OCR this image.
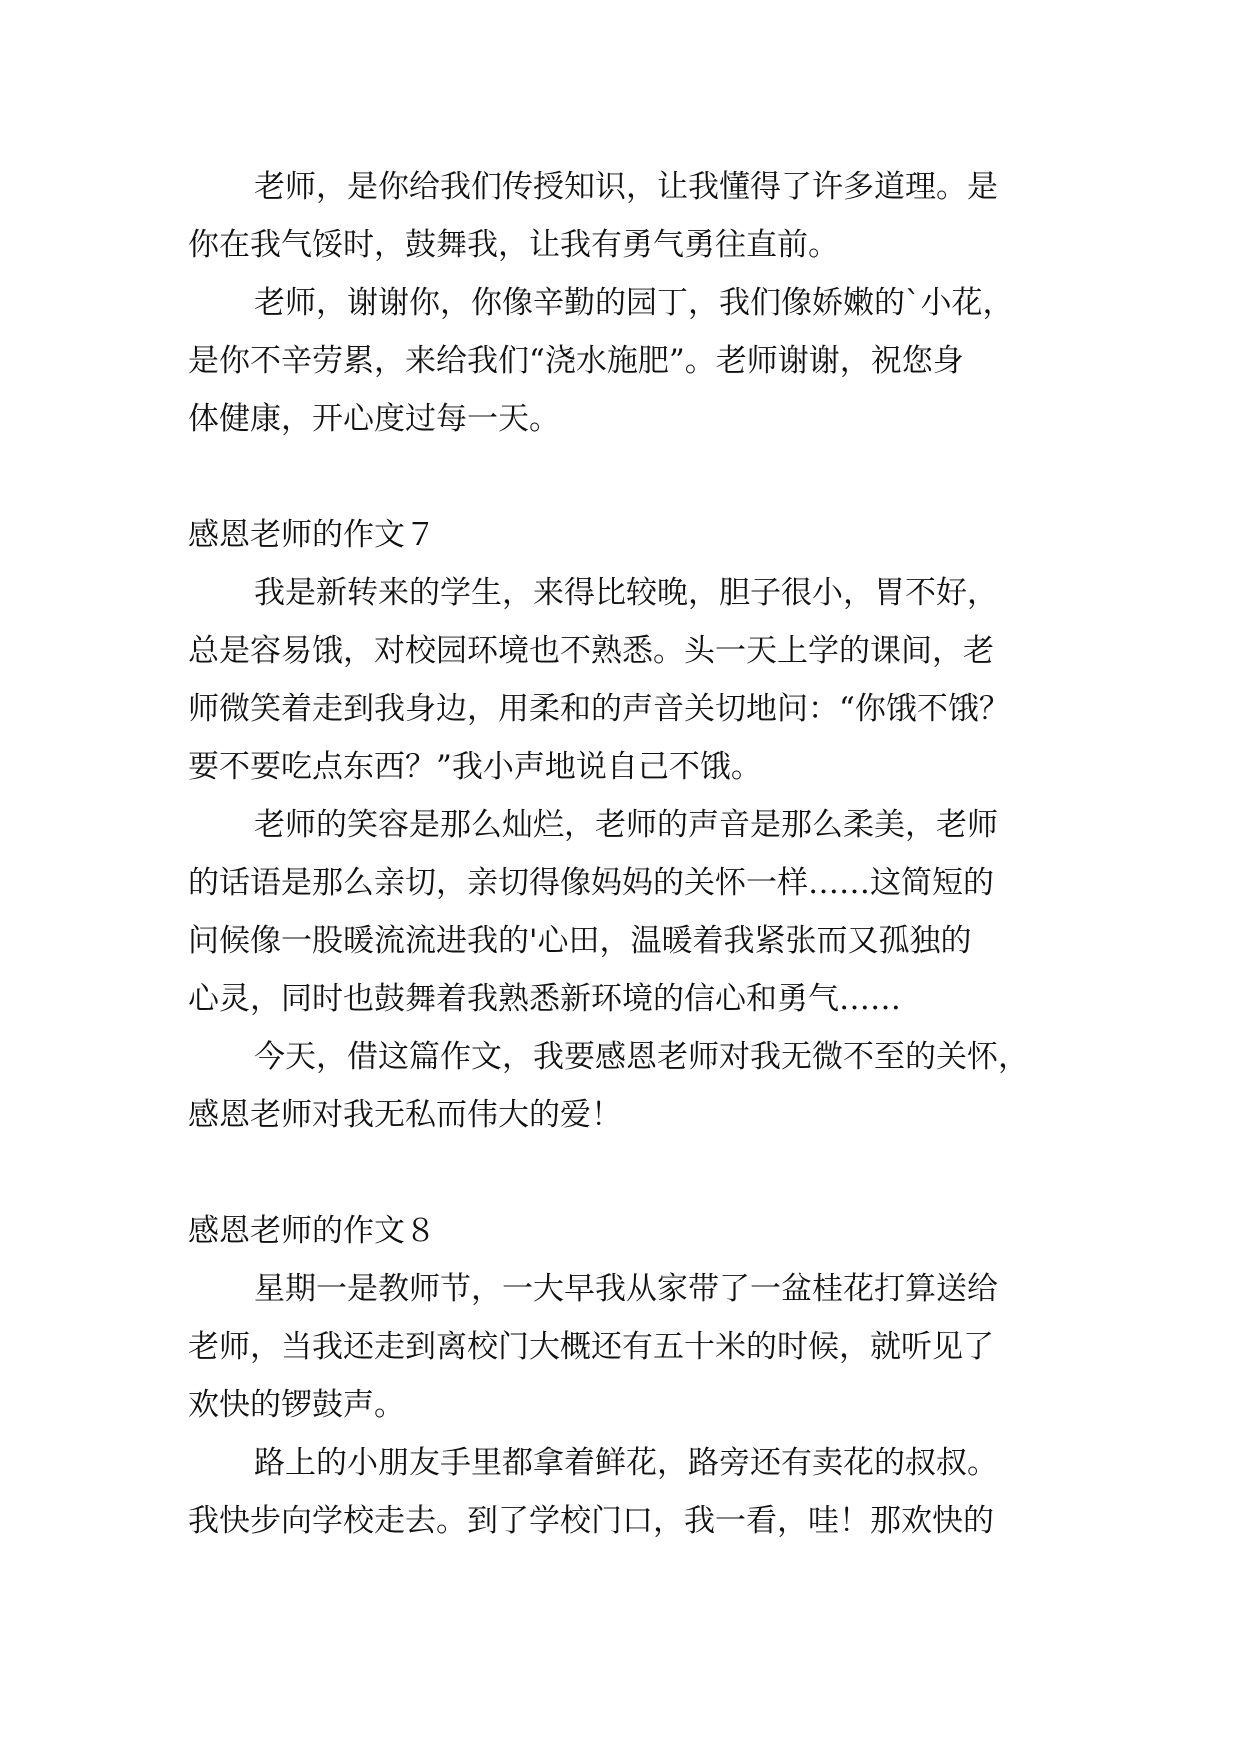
老师，是你给我们传授知识，让我懂得了许多道理。是
你在我气馁时，鼓舞我，让我有勇气勇往直前。
老师，谢谢你，你像辛勤的园丁，我们像娇嫩的`小花，
是你不辛劳累，来给我们“浇水施肥”。老师谢谢，祝您身
体健康，开心度过每一天。
感恩老师的作文７
我是新转来的学生，来得比较晚，胆子很小，胃不好，
总是容易饿，对校园环境也不熟悉。头一天上学的课间，老
师微笑着走到我身边，用柔和的声音关切地问：“你饿不饿？
要不要吃点东西？”我小声地说自己不饿。
老师的笑容是那么灿烂，老师的声音是那么柔美，老师
的话语是那么亲切，亲切得像妈妈的关怀一样……这简短的
问候像一股暖流流进我的'心田，温暖着我紧张而又孤独的
心灵，同时也鼓舞着我熟悉新环境的信心和勇气……
今天，借这篇作文，我要感恩老师对我无微不至的关怀，
感恩老师对我无私而伟大的爱！
感恩老师的作文８
星期一是教师节，一大早我从家带了一盆桂花打算送给
老师，当我还走到离校门大概还有五十米的时候，就听见了
欢快的锣鼓声。
路上的小朋友手里都拿着鲜花，路旁还有卖花的叔叔。
我快步向学校走去。到了学校门口，我一看，哇！那欢快的
